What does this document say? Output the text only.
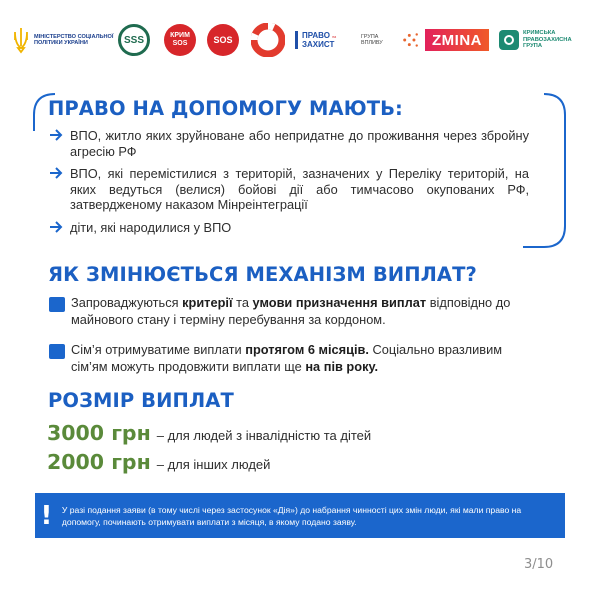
МІНІСТЕРСТВО СОЦІАЛЬНОЇ ПОЛІТИКИ УКРАЇНИ	SSS	КРИМ
SOS	SOS	ПРАВО на
ЗАХИСТ
ГРУПА ВПЛИВУ	ZMINA	КРИМСЬКА ПРАВОЗАХИСНА ГРУПА
ПРАВО НА ДОПОМОГУ МАЮТЬ:
ВПО, житло яких зруйноване або непридатне до проживання через збройну агресію РФ
ВПО, які перемістилися з територій, зазначених у Переліку територій, на яких ведуться (велися) бойові дії або тимчасово окупованих РФ, затвердженому наказом Мінреінтеграції
діти, які народилися у ВПО
ЯК ЗМІНЮЄТЬСЯ МЕХАНІЗМ ВИПЛАТ?
Запроваджуються критерії та умови призначення виплат відповідно до майнового стану і терміну перебування за кордоном.
Сім’я отримуватиме виплати протягом 6 місяців. Соціально вразливим сім’ям можуть продовжити виплати ще на пів року.
РОЗМІР ВИПЛАТ
3000 грн – для людей з інвалідністю та дітей
2000 грн – для інших людей
!	У разі подання заяви (в тому числі через застосунок «Дія») до набрання чинності цих змін люди, які мали право на допомогу, починають отримувати виплати з місяця, в якому подано заяву.
3/10
